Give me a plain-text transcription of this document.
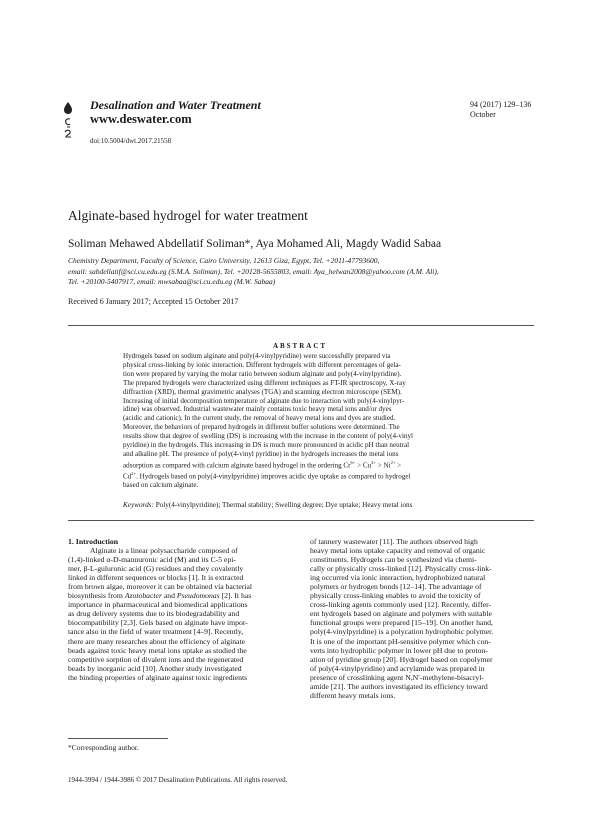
Desalination and Water Treatment
www.deswater.com
doi:10.5004/dwt.2017.21558
94 (2017) 129–136
October
Alginate-based hydrogel for water treatment
Soliman Mehawed Abdellatif Soliman*, Aya Mohamed Ali, Magdy Wadid Sabaa
Chemistry Department, Faculty of Science, Cairo University, 12613 Giza, Egypt, Tel. +2011-47793600,
email: sabdellatif@sci.cu.edu.eg (S.M.A. Soliman), Tel. +20128-5655803, email: Aya_helwan2008@yahoo.com (A.M. Ali),
Tel. +20100-5407917, email: mwsabaa@sci.cu.edu.eg (M.W. Sabaa)
Received 6 January 2017; Accepted 15 October 2017
ABSTRACT
Hydrogels based on sodium alginate and poly(4-vinylpyridine) were successfully prepared via
physical cross-linking by ionic interaction. Different hydrogels with different percentages of gela-
tion were prepared by varying the molar ratio between sodium alginate and poly(4-vinylpyridine).
The prepared hydrogels were characterized using different techniques as FT-IR spectroscopy, X-ray
diffraction (XRD), thermal gravimetric analyses (TGA) and scanning electron microscope (SEM).
Increasing of initial decomposition temperature of alginate due to interaction with poly(4-vinylpyr-
idine) was observed. Industrial wastewater mainly contains toxic heavy metal ions and/or dyes
(acidic and cationic). In the current study, the removal of heavy metal ions and dyes are studied.
Moreover, the behaviors of prepared hydrogels in different buffer solutions were determined. The
results show that degree of swelling (DS) is increasing with the increase in the content of poly(4-vinyl
pyridine) in the hydrogels. This increasing in DS is much more pronounced in acidic pH than neutral
and alkaline pH. The presence of poly(4-vinyl pyridine) in the hydrogels increases the metal ions
adsorption as compared with calcium alginate based hydrogel in the ordering $Cr^{6+} > Cu^{2+} > Ni^{2+}$ >
$Cd^{2+}$. Hydrogels based on poly(4-vinylpyridine) improves acidic dye uptake as compared to hydrogel
based on calcium alginate.
Keywords: Poly(4-vinylpyridine); Thermal stability; Swelling degree; Dye uptake; Heavy metal ions

1. Introduction

Alginate is a linear polysaccharide composed of
(1,4)-linked α-D-mannuronic acid (M) and its C-5 epi-
mer, β-L-guluronic acid (G) residues and they covalently
linked in different sequences or blocks [1]. It is extracted
from brown algae, moreover it can be obtained via bacterial
biosynthesis from Azotobacter and Pseudomonas [2]. It has
importance in pharmaceutical and biomedical applications
as drug delivery systems due to its biodegradability and
biocompatibility [2,3]. Gels based on alginate have impor-
tance also in the field of water treatment [4–9]. Recently,
there are many researches about the efficiency of alginate
beads against toxic heavy metal ions uptake as studied the
competitive sorption of divalent ions and the regenerated
beads by inorganic acid [10]. Another study investigated
the binding properties of alginate against toxic ingredients
of tannery wastewater [11]. The authors observed high
heavy metal ions uptake capacity and removal of organic
constituents. Hydrogels can be synthesized via chemi-
cally or physically cross-linked [12]. Physically cross-link-
ing occurred via ionic interaction, hydrophobized natural
polymers or hydrogen bonds [12–14]. The advantage of
physically cross-linking enables to avoid the toxicity of
cross-linking agents commonly used [12]. Recently, differ-
ent hydrogels based on alginate and polymers with suitable
functional groups were prepared [15–19]. On another hand,
poly(4-vinylpyridine) is a polycation hydrophobic polymer.
It is one of the important pH-sensitive polymer which con-
verts into hydrophilic polymer in lower pH due to proton-
ation of pyridine group [20]. Hydrogel based on copolymer
of poly(4-vinylpyridine) and acrylamide was prepared in
presence of crosslinking agent N,N′-methylene-bisacryl-
amide [21]. The authors investigated its efficiency toward
different heavy metals ions.
*Corresponding author.
1944-3994 / 1944-3986 © 2017 Desalination Publications. All rights reserved.
